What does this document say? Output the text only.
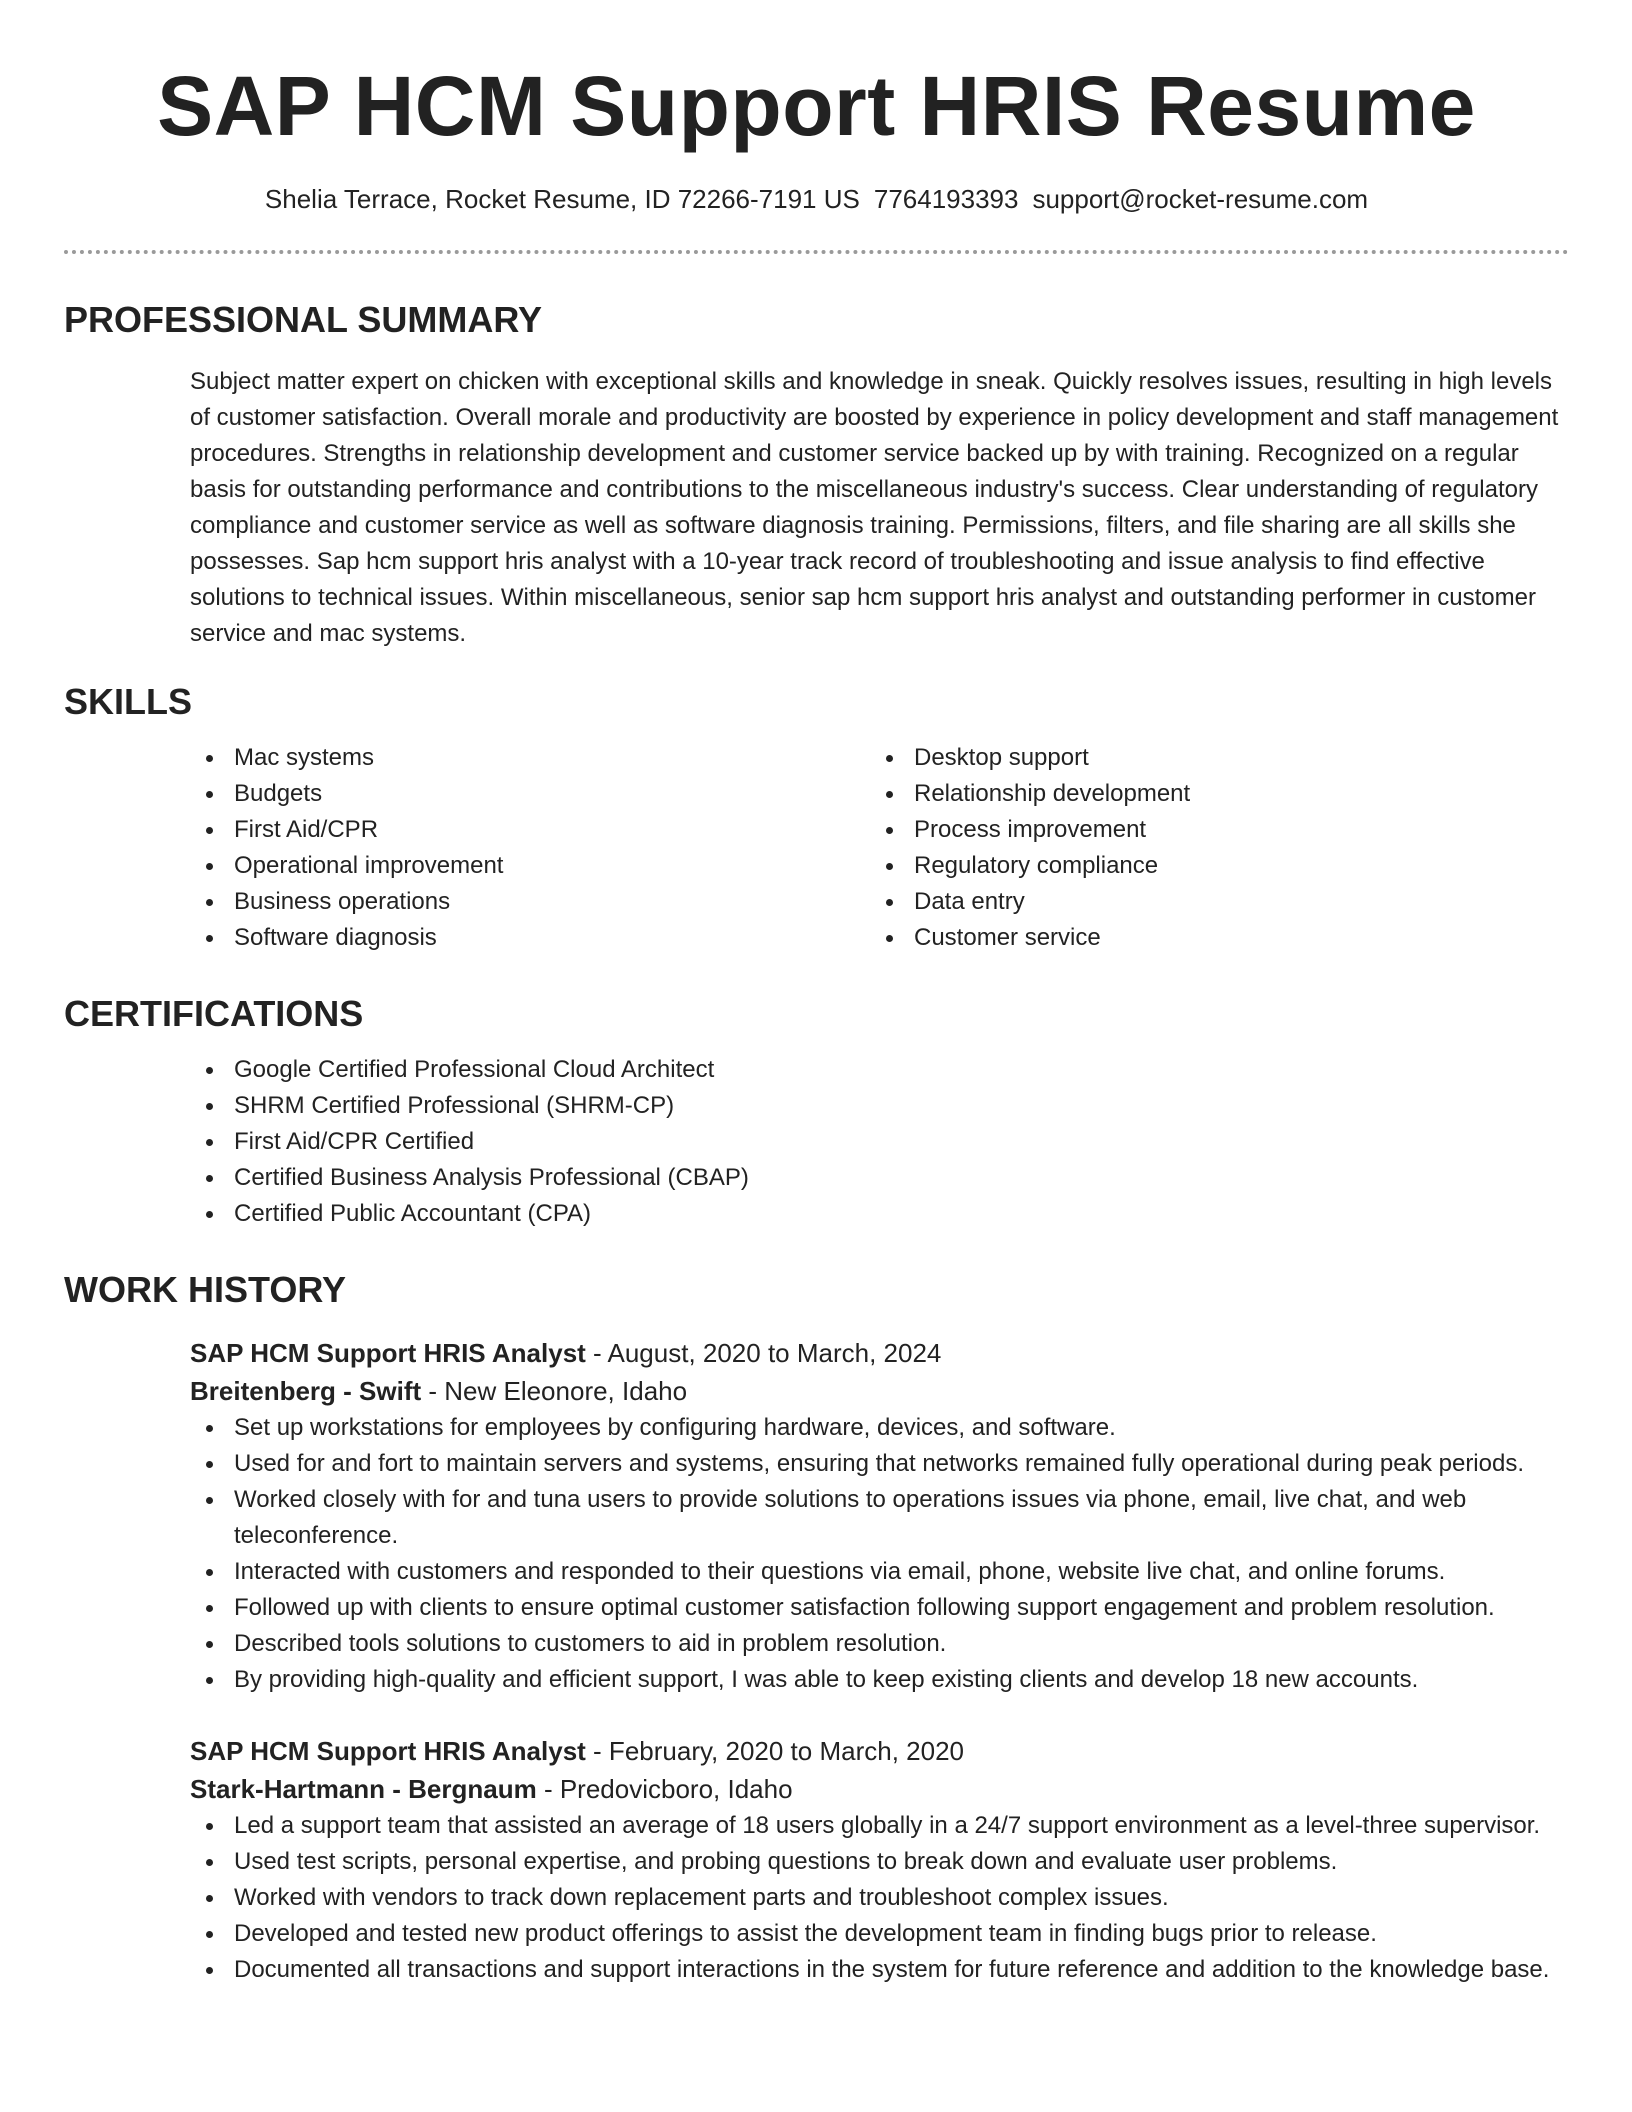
SAP HCM Support HRIS Resume
Shelia Terrace, Rocket Resume, ID 72266-7191 US 7764193393 support@rocket-resume.com
PROFESSIONAL SUMMARY
Subject matter expert on chicken with exceptional skills and knowledge in sneak. Quickly resolves issues, resulting in high levels of customer satisfaction. Overall morale and productivity are boosted by experience in policy development and staff management procedures. Strengths in relationship development and customer service backed up by with training. Recognized on a regular basis for outstanding performance and contributions to the miscellaneous industry's success. Clear understanding of regulatory compliance and customer service as well as software diagnosis training. Permissions, filters, and file sharing are all skills she possesses. Sap hcm support hris analyst with a 10-year track record of troubleshooting and issue analysis to find effective solutions to technical issues. Within miscellaneous, senior sap hcm support hris analyst and outstanding performer in customer service and mac systems.
SKILLS
Mac systems
Budgets
First Aid/CPR
Operational improvement
Business operations
Software diagnosis
Desktop support
Relationship development
Process improvement
Regulatory compliance
Data entry
Customer service
CERTIFICATIONS
Google Certified Professional Cloud Architect
SHRM Certified Professional (SHRM-CP)
First Aid/CPR Certified
Certified Business Analysis Professional (CBAP)
Certified Public Accountant (CPA)
WORK HISTORY
SAP HCM Support HRIS Analyst - August, 2020 to March, 2024
Breitenberg - Swift - New Eleonore, Idaho
Set up workstations for employees by configuring hardware, devices, and software.
Used for and fort to maintain servers and systems, ensuring that networks remained fully operational during peak periods.
Worked closely with for and tuna users to provide solutions to operations issues via phone, email, live chat, and web teleconference.
Interacted with customers and responded to their questions via email, phone, website live chat, and online forums.
Followed up with clients to ensure optimal customer satisfaction following support engagement and problem resolution.
Described tools solutions to customers to aid in problem resolution.
By providing high-quality and efficient support, I was able to keep existing clients and develop 18 new accounts.
SAP HCM Support HRIS Analyst - February, 2020 to March, 2020
Stark-Hartmann - Bergnaum - Predovicboro, Idaho
Led a support team that assisted an average of 18 users globally in a 24/7 support environment as a level-three supervisor.
Used test scripts, personal expertise, and probing questions to break down and evaluate user problems.
Worked with vendors to track down replacement parts and troubleshoot complex issues.
Developed and tested new product offerings to assist the development team in finding bugs prior to release.
Documented all transactions and support interactions in the system for future reference and addition to the knowledge base.
